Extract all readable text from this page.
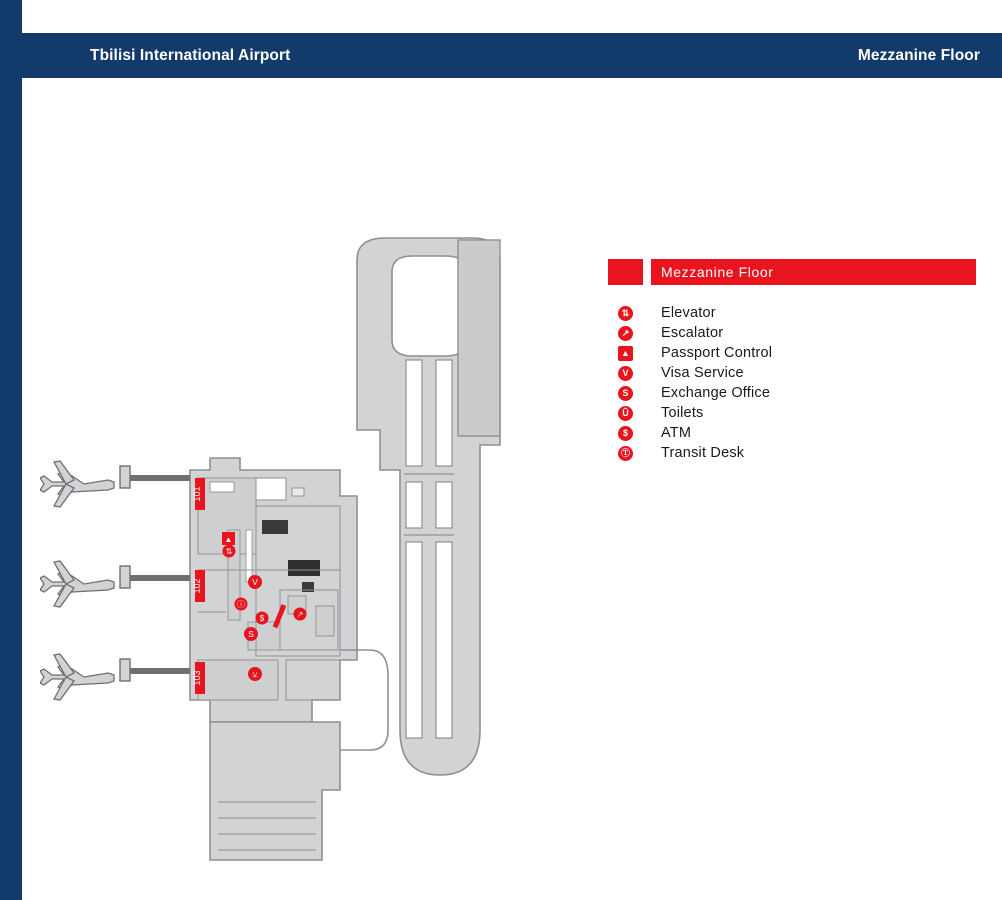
Tbilisi International Airport	Mezzanine Floor
Mezzanine Floor
⇅	Elevator
↗	Escalator
▲	Passport Control
V	Visa Service
S	Exchange Office
Ũ	Toilets
$	ATM
Ⓣ	Transit Desk
101
102
103
▲
⇅
V
ⓘ
$
S
↗
⚺
